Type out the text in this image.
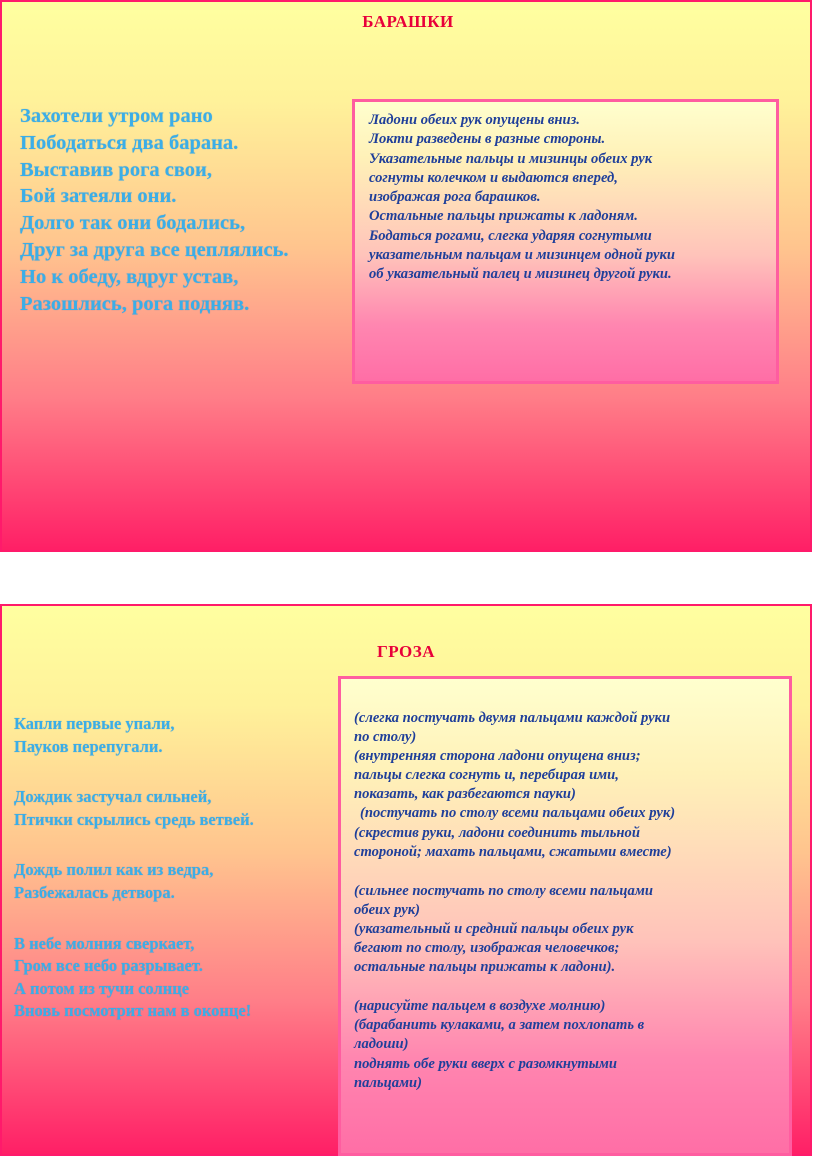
БАРАШКИ
Захотели утром рано
Пободаться два барана.
Выставив рога свои,
Бой затеяли они.
Долго так они бодались,
Друг за друга все цеплялись.
Но к обеду, вдруг устав,
Разошлись, рога подняв.
Ладони обеих рук опущены вниз.
Локти разведены в разные стороны.
Указательные пальцы и мизинцы обеих рук
согнуты колечком и выдаются вперед,
изображая рога барашков.
Остальные пальцы прижаты к ладоням.
Бодаться рогами, слегка ударяя согнутыми
указательным пальцам и мизинцем одной руки
об указательный палец и мизинец другой руки.
ГРОЗА
Капли первые упали,
Пауков перепугали.
Дождик застучал сильней,
Птички скрылись средь ветвей.
Дождь полил как из ведра,
Разбежалась детвора.
В небе молния сверкает,
Гром все небо разрывает.
А потом из тучи солнце
Вновь посмотрит нам в оконце!
(слегка постучать двумя пальцами каждой руки
по столу)
(внутренняя сторона ладони опущена вниз;
пальцы слегка согнуть и, перебирая ими,
показать, как разбегаются пауки)
(постучать по столу всеми пальцами обеих рук)
(скрестив руки, ладони соединить тыльной
стороной; махать пальцами, сжатыми вместе)
(сильнее постучать по столу всеми пальцами
обеих рук)
(указательный и средний пальцы обеих рук
бегают по столу, изображая человечков;
остальные пальцы прижаты к ладони).
(нарисуйте пальцем в воздухе молнию)
(барабанить кулаками, а затем похлопать в
ладоши)
поднять обе руки вверх с разомкнутыми
пальцами)
